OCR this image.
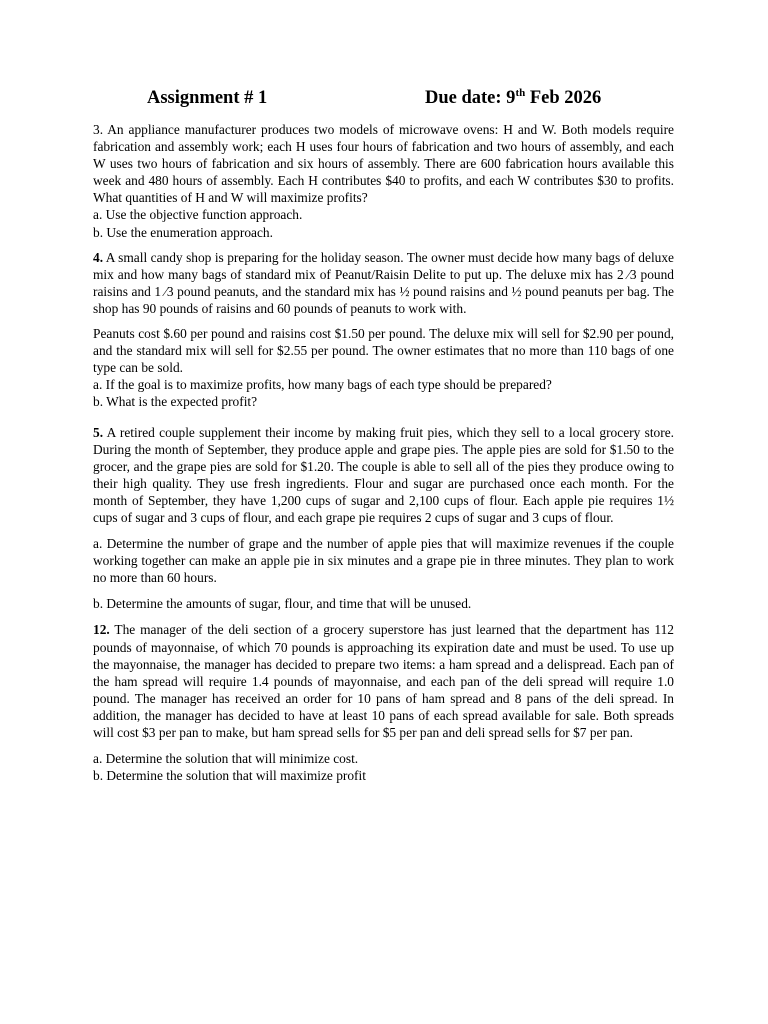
Assignment # 1	Due date: 9th Feb 2026

3. An appliance manufacturer produces two models of microwave ovens: H and W. Both models require fabrication and assembly work; each H uses four hours of fabrication and two hours of assembly, and each W uses two hours of fabrication and six hours of assembly. There are 600 fabrication hours available this week and 480 hours of assembly. Each H contributes $40 to profits, and each W contributes $30 to profits. What quantities of H and W will maximize profits?

a. Use the objective function approach.
b. Use the enumeration approach.

4. A small candy shop is preparing for the holiday season. The owner must decide how many bags of deluxe mix and how many bags of standard mix of Peanut/Raisin Delite to put up. The deluxe mix has 2 ⁄3 pound raisins and 1 ⁄3 pound peanuts, and the standard mix has ½ pound raisins and ½ pound peanuts per bag. The shop has 90 pounds of raisins and 60 pounds of peanuts to work with.

Peanuts cost $.60 per pound and raisins cost $1.50 per pound. The deluxe mix will sell for $2.90 per pound, and the standard mix will sell for $2.55 per pound. The owner estimates that no more than 110 bags of one type can be sold.

a. If the goal is to maximize profits, how many bags of each type should be prepared?
b. What is the expected profit?

5. A retired couple supplement their income by making fruit pies, which they sell to a local grocery store. During the month of September, they produce apple and grape pies. The apple pies are sold for $1.50 to the grocer, and the grape pies are sold for $1.20. The couple is able to sell all of the pies they produce owing to their high quality. They use fresh ingredients. Flour and sugar are purchased once each month. For the month of September, they have 1,200 cups of sugar and 2,100 cups of flour. Each apple pie requires 1½ cups of sugar and 3 cups of flour, and each grape pie requires 2 cups of sugar and 3 cups of flour.

a. Determine the number of grape and the number of apple pies that will maximize revenues if the couple working together can make an apple pie in six minutes and a grape pie in three minutes. They plan to work no more than 60 hours.

b. Determine the amounts of sugar, flour, and time that will be unused.

12. The manager of the deli section of a grocery superstore has just learned that the department has 112 pounds of mayonnaise, of which 70 pounds is approaching its expiration date and must be used. To use up the mayonnaise, the manager has decided to prepare two items: a ham spread and a delispread. Each pan of the ham spread will require 1.4 pounds of mayonnaise, and each pan of the deli spread will require 1.0 pound. The manager has received an order for 10 pans of ham spread and 8 pans of the deli spread. In addition, the manager has decided to have at least 10 pans of each spread available for sale. Both spreads will cost $3 per pan to make, but ham spread sells for $5 per pan and deli spread sells for $7 per pan.

a. Determine the solution that will minimize cost.
b. Determine the solution that will maximize profit
